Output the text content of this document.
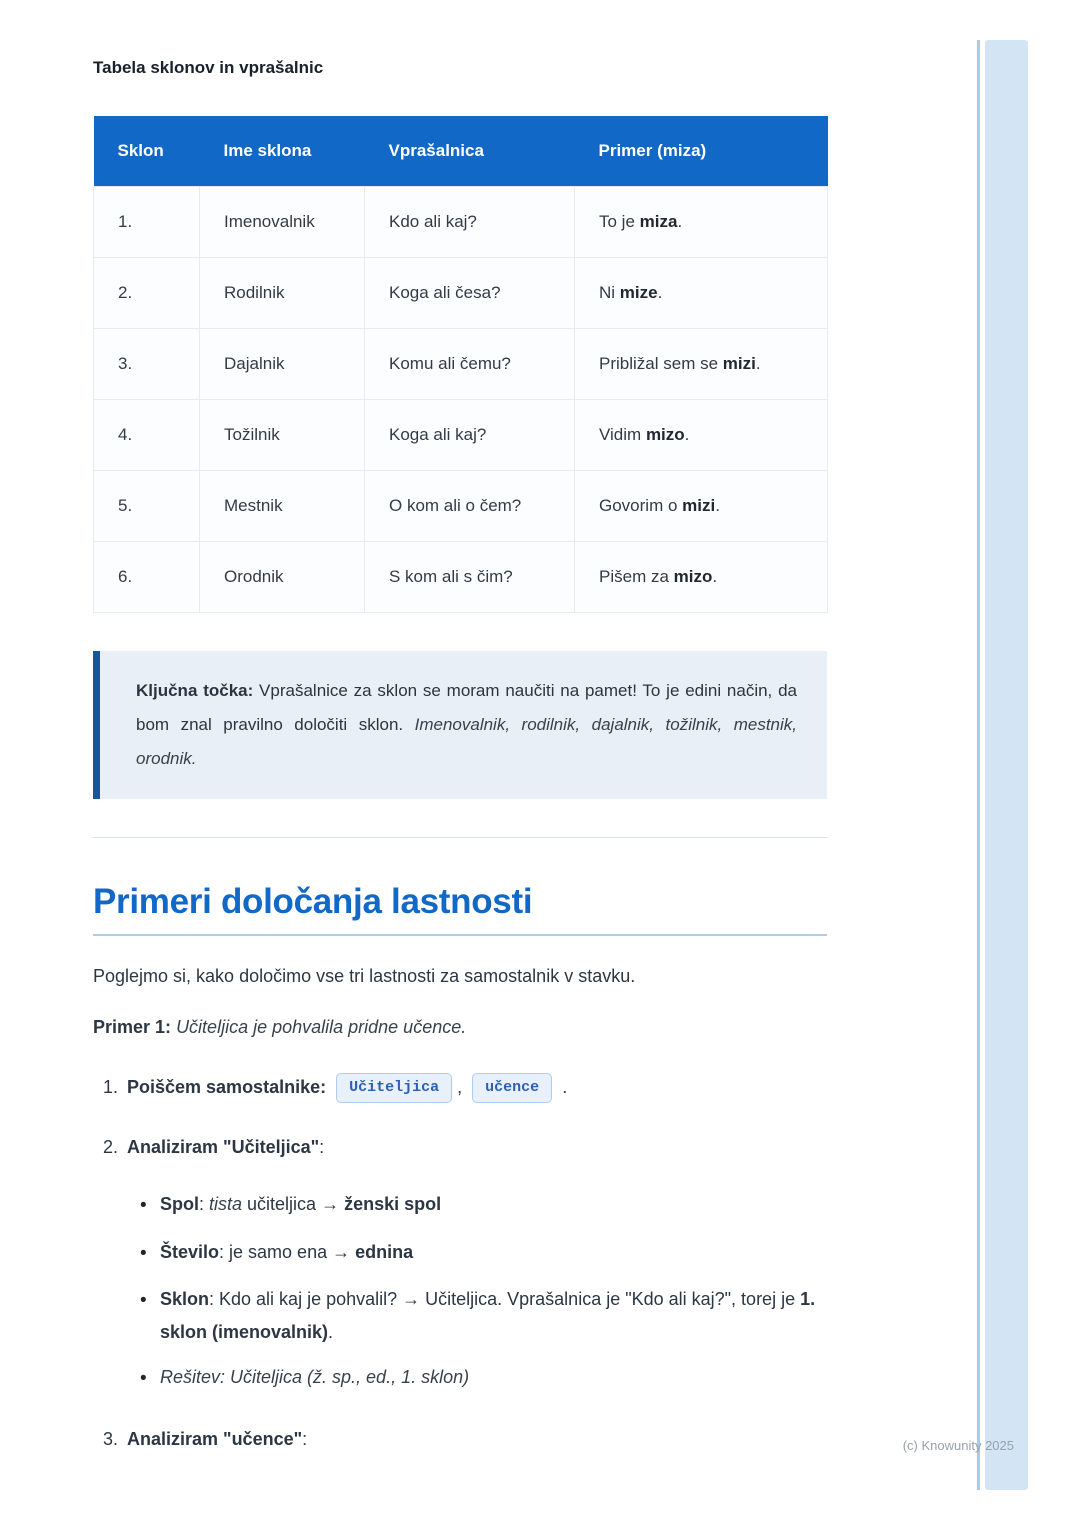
Tabela sklonov in vprašalnic
Sklon	Ime sklona	Vprašalnica	Primer (miza)
1.	Imenovalnik	Kdo ali kaj?	To je miza.
2.	Rodilnik	Koga ali česa?	Ni mize.
3.	Dajalnik	Komu ali čemu?	Približal sem se mizi.
4.	Tožilnik	Koga ali kaj?	Vidim mizo.
5.	Mestnik	O kom ali o čem?	Govorim o mizi.
6.	Orodnik	S kom ali s čim?	Pišem za mizo.
Ključna točka: Vprašalnice za sklon se moram naučiti na pamet! To je edini način, da bom znal pravilno določiti sklon. Imenovalnik, rodilnik, dajalnik, tožilnik, mestnik, orodnik.
Primeri določanja lastnosti

Poglejmo si, kako določimo vse tri lastnosti za samostalnik v stavku.

Primer 1: Učiteljica je pohvalila pridne učence.

1. Poiščem samostalnike: Učiteljica , učence .
2. Analiziram "Učiteljica":
• Spol: tista učiteljica → ženski spol
• Število: je samo ena → ednina
• Sklon: Kdo ali kaj je pohvalil? → Učiteljica. Vprašalnica je "Kdo ali kaj?", torej je 1. sklon (imenovalnik).
• Rešitev: Učiteljica (ž. sp., ed., 1. sklon)
3. Analiziram "učence":	(c) Knowunity 2025
